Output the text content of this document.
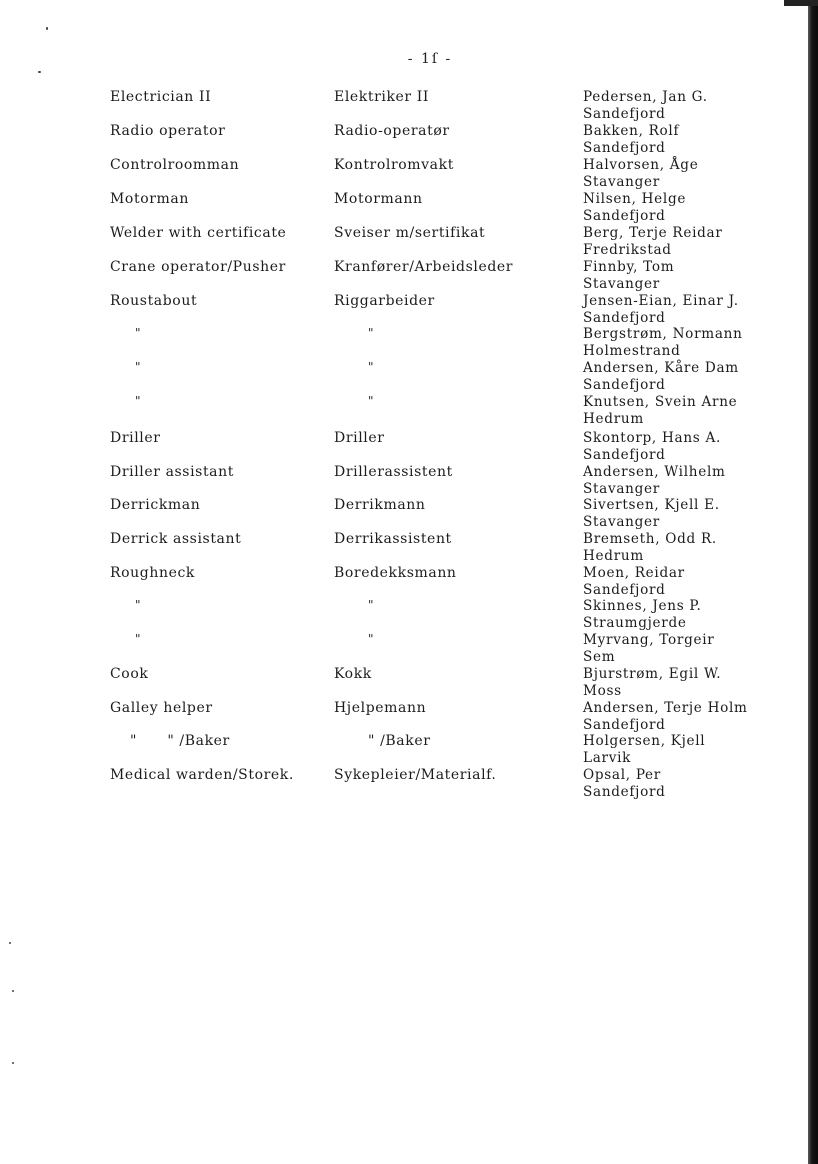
- 1ſ -
Electrician II	Elektriker II	Pedersen, Jan G.
Sandefjord
Radio operator	Radio-operatør	Bakken, Rolf
Sandefjord
Controlroomman	Kontrolromvakt	Halvorsen, Åge
Stavanger
Motorman	Motormann	Nilsen, Helge
Sandefjord
Welder with certificate	Sveiser m/sertifikat	Berg, Terje Reidar
Fredrikstad
Crane operator/Pusher	Kranfører/Arbeidsleder	Finnby, Tom
Stavanger
Roustabout	Riggarbeider	Jensen-Eian, Einar J.
Sandefjord
"	"	Bergstrøm, Normann
Holmestrand
"	"	Andersen, Kåre Dam
Sandefjord
"	"	Knutsen, Svein Arne
Hedrum
Driller	Driller	Skontorp, Hans A.
Sandefjord
Driller assistant	Drillerassistent	Andersen, Wilhelm
Stavanger
Derrickman	Derrikmann	Sivertsen, Kjell E.
Stavanger
Derrick assistant	Derrikassistent	Bremseth, Odd R.
Hedrum
Roughneck	Boredekksmann	Moen, Reidar
Sandefjord
"	"	Skinnes, Jens P.
Straumgjerde
"	"	Myrvang, Torgeir
Sem
Cook	Kokk	Bjurstrøm, Egil W.
Moss
Galley helper	Hjelpemann	Andersen, Terje Holm
Sandefjord
"      " /Baker	" /Baker	Holgersen, Kjell
Larvik
Medical warden/Storek.	Sykepleier/Materialf.	Opsal, Per
Sandefjord
